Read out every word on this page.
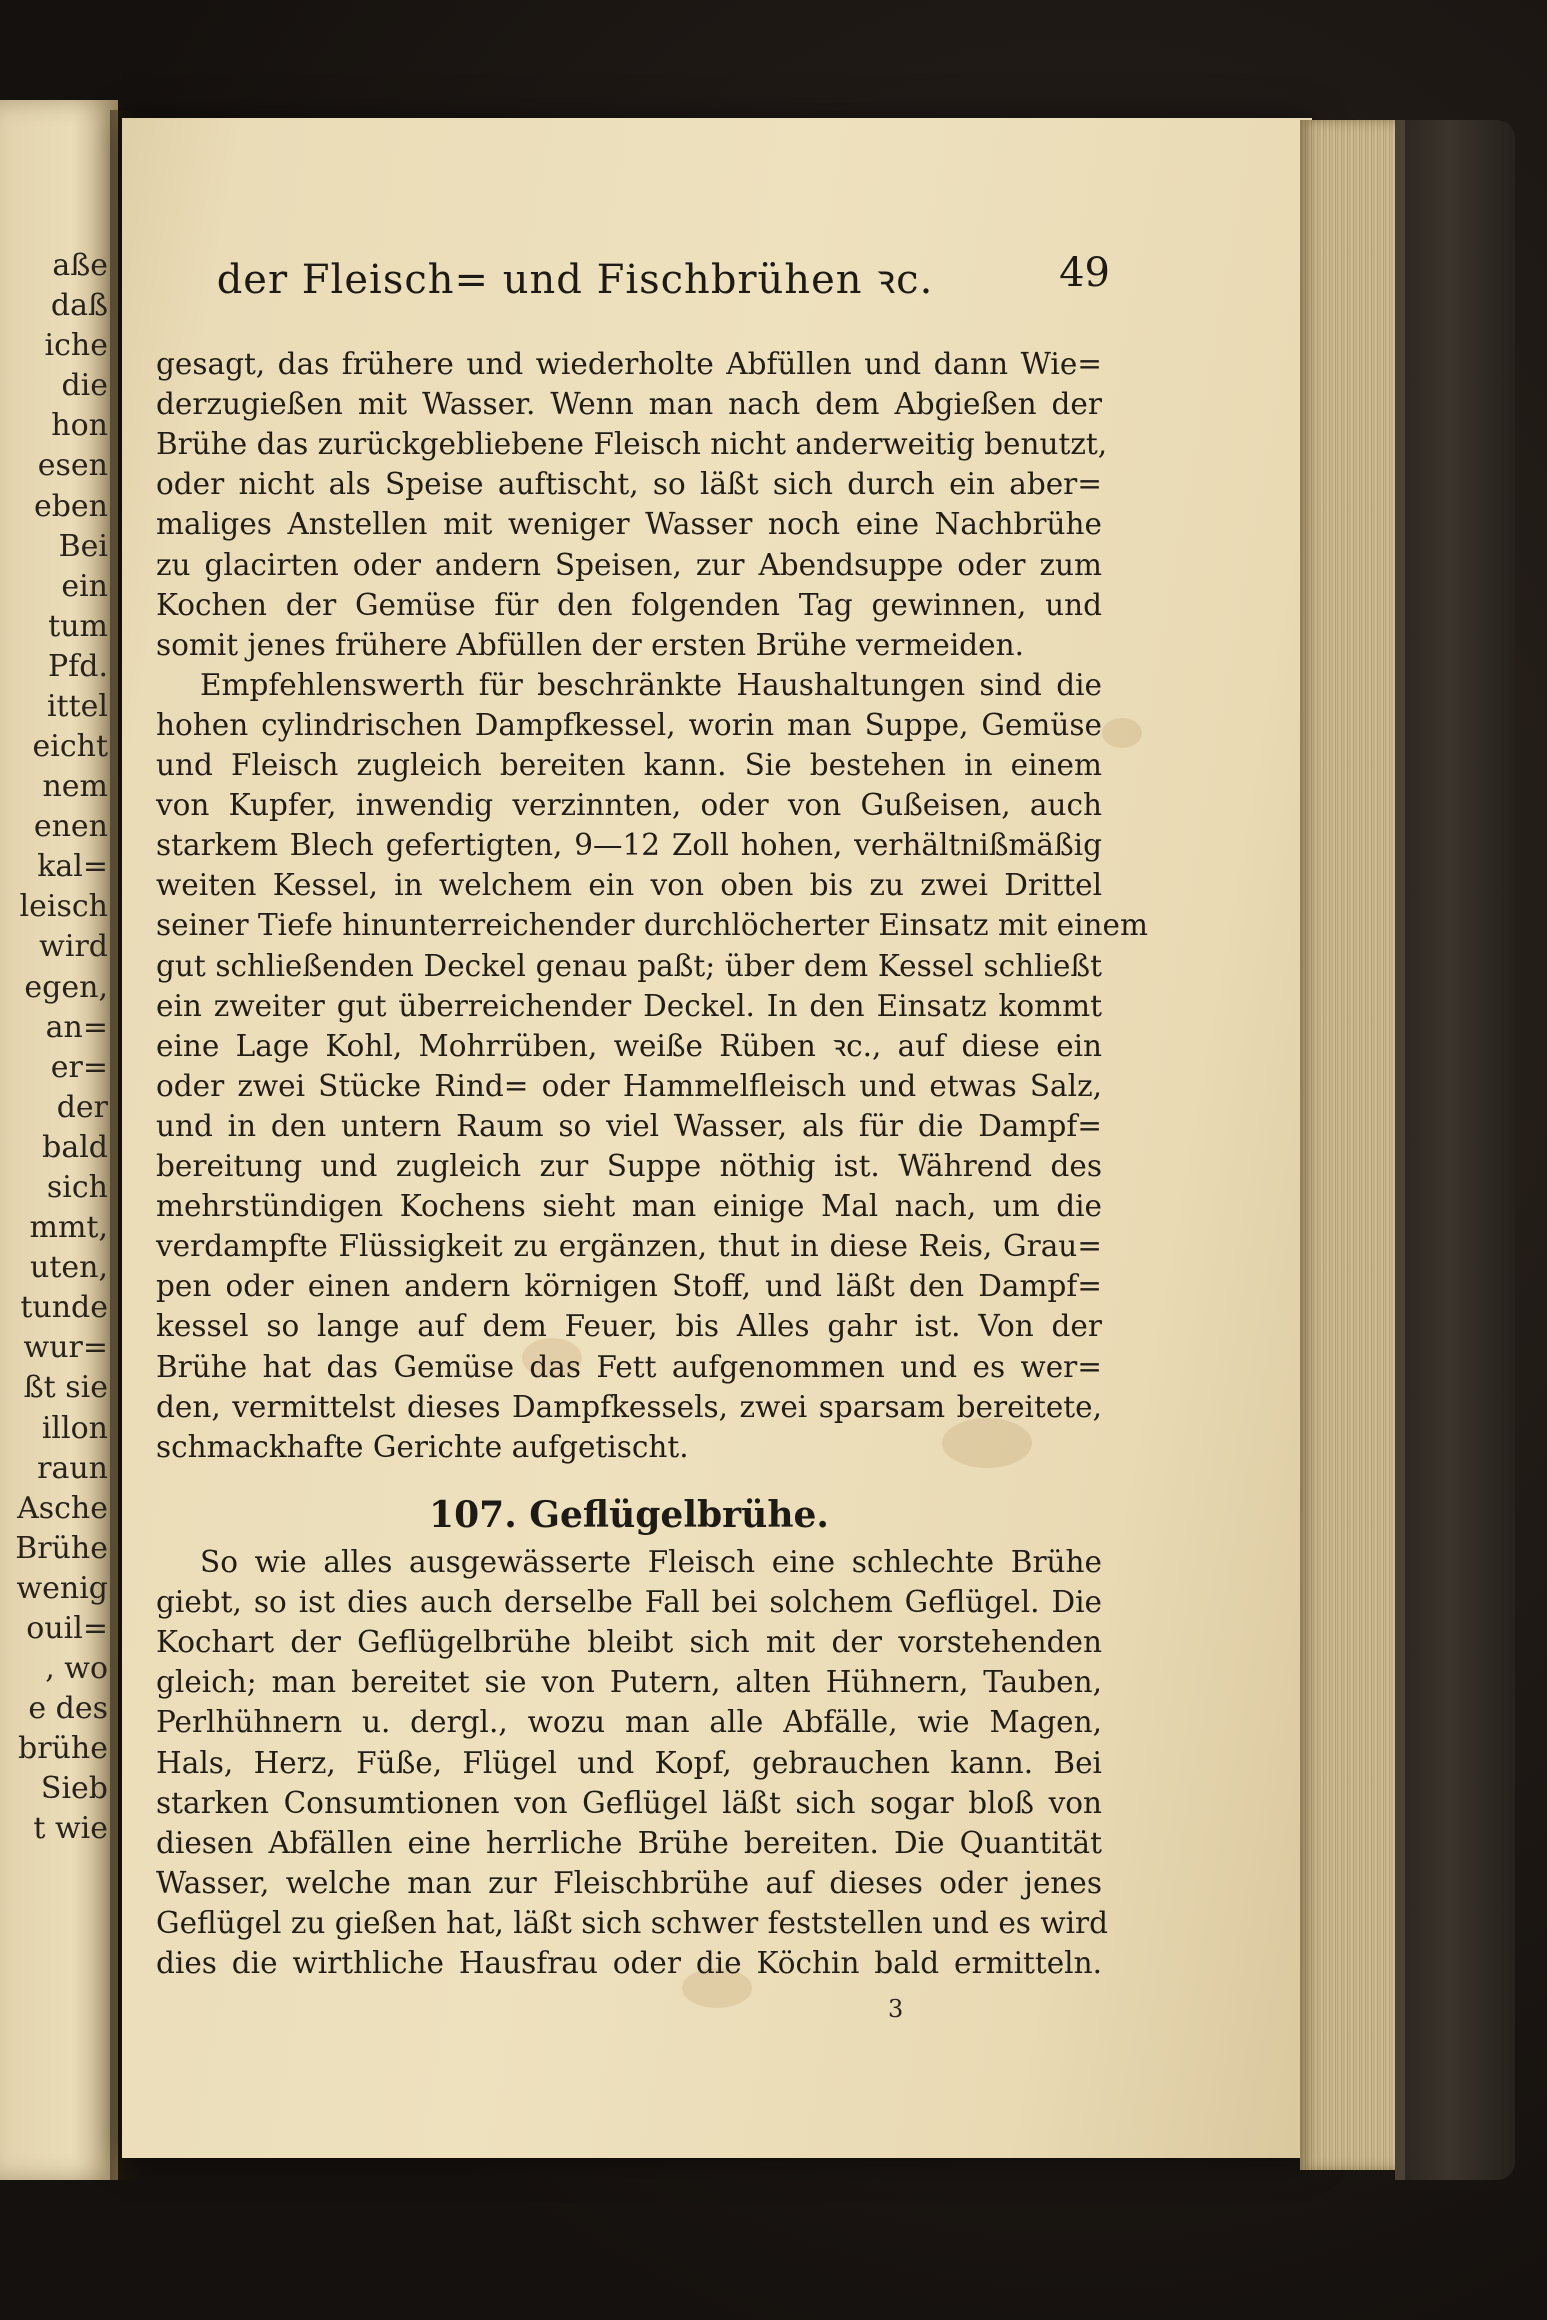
aße
daß
iche
die
hon
esen
eben
Bei
ein
tum
Pfd.
ittel
eicht
nem
enen
kal=
leisch
wird
egen,
an=
er=
der
bald
sich
mmt,
uten,
tunde
wur=
ßt sie
illon
raun
Asche
Brühe
wenig
ouil=
, wo
e des
brühe
Sieb
t wie
der Fleisch= und Fischbrühen ꝛc.	49
gesagt, das frühere und wiederholte Abfüllen und dann Wie=
derzugießen mit Wasser. Wenn man nach dem Abgießen der
Brühe das zurückgebliebene Fleisch nicht anderweitig benutzt,
oder nicht als Speise auftischt, so läßt sich durch ein aber=
maliges Anstellen mit weniger Wasser noch eine Nachbrühe
zu glacirten oder andern Speisen, zur Abendsuppe oder zum
Kochen der Gemüse für den folgenden Tag gewinnen, und
somit jenes frühere Abfüllen der ersten Brühe vermeiden.
Empfehlenswerth für beschränkte Haushaltungen sind die
hohen cylindrischen Dampfkessel, worin man Suppe, Gemüse
und Fleisch zugleich bereiten kann. Sie bestehen in einem
von Kupfer, inwendig verzinnten, oder von Gußeisen, auch
starkem Blech gefertigten, 9—12 Zoll hohen, verhältnißmäßig
weiten Kessel, in welchem ein von oben bis zu zwei Drittel
seiner Tiefe hinunterreichender durchlöcherter Einsatz mit einem
gut schließenden Deckel genau paßt; über dem Kessel schließt
ein zweiter gut überreichender Deckel. In den Einsatz kommt
eine Lage Kohl, Mohrrüben, weiße Rüben ꝛc., auf diese ein
oder zwei Stücke Rind= oder Hammelfleisch und etwas Salz,
und in den untern Raum so viel Wasser, als für die Dampf=
bereitung und zugleich zur Suppe nöthig ist. Während des
mehrstündigen Kochens sieht man einige Mal nach, um die
verdampfte Flüssigkeit zu ergänzen, thut in diese Reis, Grau=
pen oder einen andern körnigen Stoff, und läßt den Dampf=
kessel so lange auf dem Feuer, bis Alles gahr ist. Von der
Brühe hat das Gemüse das Fett aufgenommen und es wer=
den, vermittelst dieses Dampfkessels, zwei sparsam bereitete,
schmackhafte Gerichte aufgetischt.
107. Geflügelbrühe.
So wie alles ausgewässerte Fleisch eine schlechte Brühe
giebt, so ist dies auch derselbe Fall bei solchem Geflügel. Die
Kochart der Geflügelbrühe bleibt sich mit der vorstehenden
gleich; man bereitet sie von Putern, alten Hühnern, Tauben,
Perlhühnern u. dergl., wozu man alle Abfälle, wie Magen,
Hals, Herz, Füße, Flügel und Kopf, gebrauchen kann. Bei
starken Consumtionen von Geflügel läßt sich sogar bloß von
diesen Abfällen eine herrliche Brühe bereiten. Die Quantität
Wasser, welche man zur Fleischbrühe auf dieses oder jenes
Geflügel zu gießen hat, läßt sich schwer feststellen und es wird
dies die wirthliche Hausfrau oder die Köchin bald ermitteln.
3
